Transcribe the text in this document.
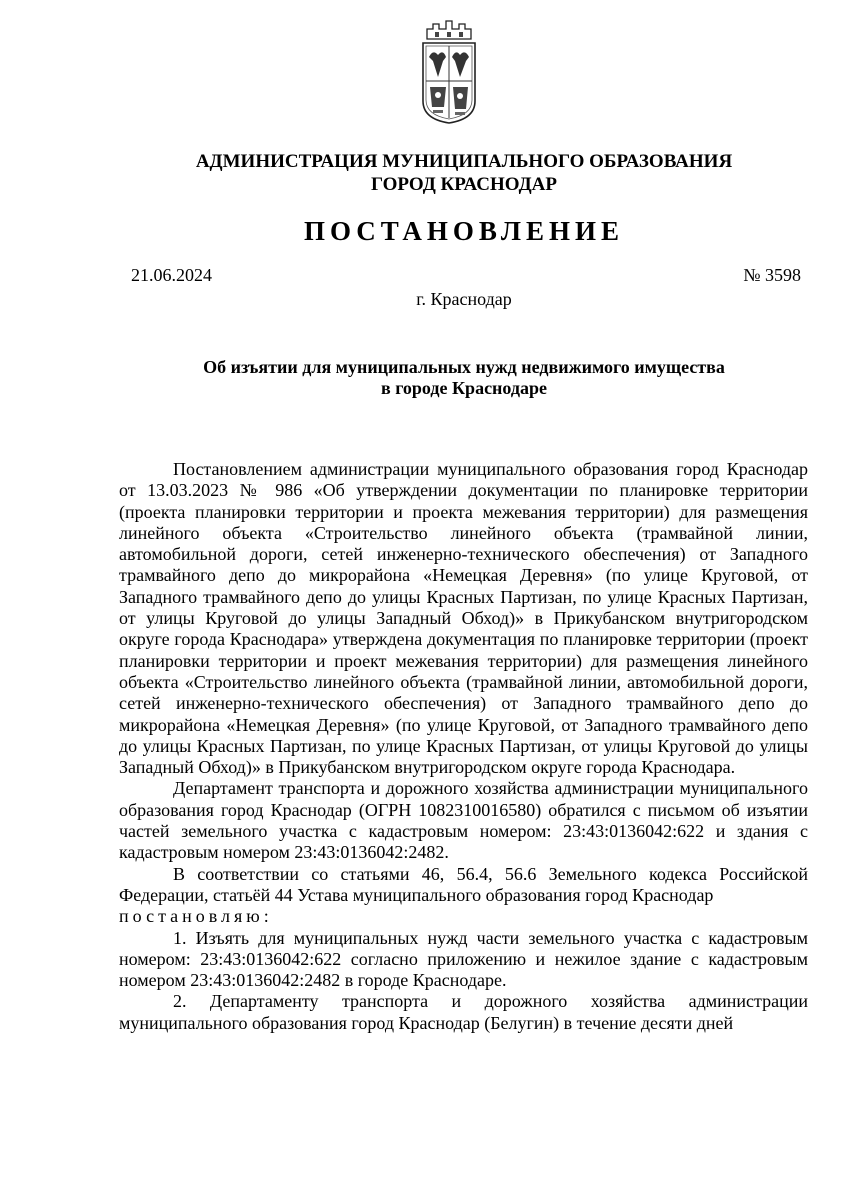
АДМИНИСТРАЦИЯ МУНИЦИПАЛЬНОГО ОБРАЗОВАНИЯ
ГОРОД КРАСНОДАР
ПОСТАНОВЛЕНИЕ
21.06.2024	№ 3598
г. Краснодар
Об изъятии для муниципальных нужд недвижимого имущества
в городе Краснодаре

Постановлением администрации муниципального образования город Краснодар от 13.03.2023 № 986 «Об утверждении документации по планировке территории (проекта планировки территории и проекта межевания территории) для размещения линейного объекта «Строительство линейного объекта (трамвайной линии, автомобильной дороги, сетей инженерно-технического обеспечения) от Западного трамвайного депо до микрорайона «Немецкая Деревня» (по улице Круговой, от Западного трамвайного депо до улицы Красных Партизан, по улице Красных Партизан, от улицы Круговой до улицы Западный Обход)» в Прикубанском внутригородском округе города Краснодара» утверждена документация по планировке территории (проект планировки территории и проект межевания территории) для размещения линейного объекта «Строительство линейного объекта (трамвайной линии, автомобильной дороги, сетей инженерно-технического обеспечения) от Западного трамвайного депо до микрорайона «Немецкая Деревня» (по улице Круговой, от Западного трамвайного депо до улицы Красных Партизан, по улице Красных Партизан, от улицы Круговой до улицы Западный Обход)» в Прикубанском внутригородском округе города Краснодара.

Департамент транспорта и дорожного хозяйства администрации муниципального образования город Краснодар (ОГРН 1082310016580) обратился с письмом об изъятии частей земельного участка с кадастровым номером: 23:43:0136042:622 и здания с кадастровым номером 23:43:0136042:2482.

В соответствии со статьями 46, 56.4, 56.6 Земельного кодекса Российской Федерации, статьёй 44 Устава муниципального образования город Краснодар

постановляю:

1. Изъять для муниципальных нужд части земельного участка с кадастровым номером: 23:43:0136042:622 согласно приложению и нежилое здание с кадастровым номером 23:43:0136042:2482 в городе Краснодаре.

2. Департаменту транспорта и дорожного хозяйства администрации муниципального образования город Краснодар (Белугин) в течение десяти дней
